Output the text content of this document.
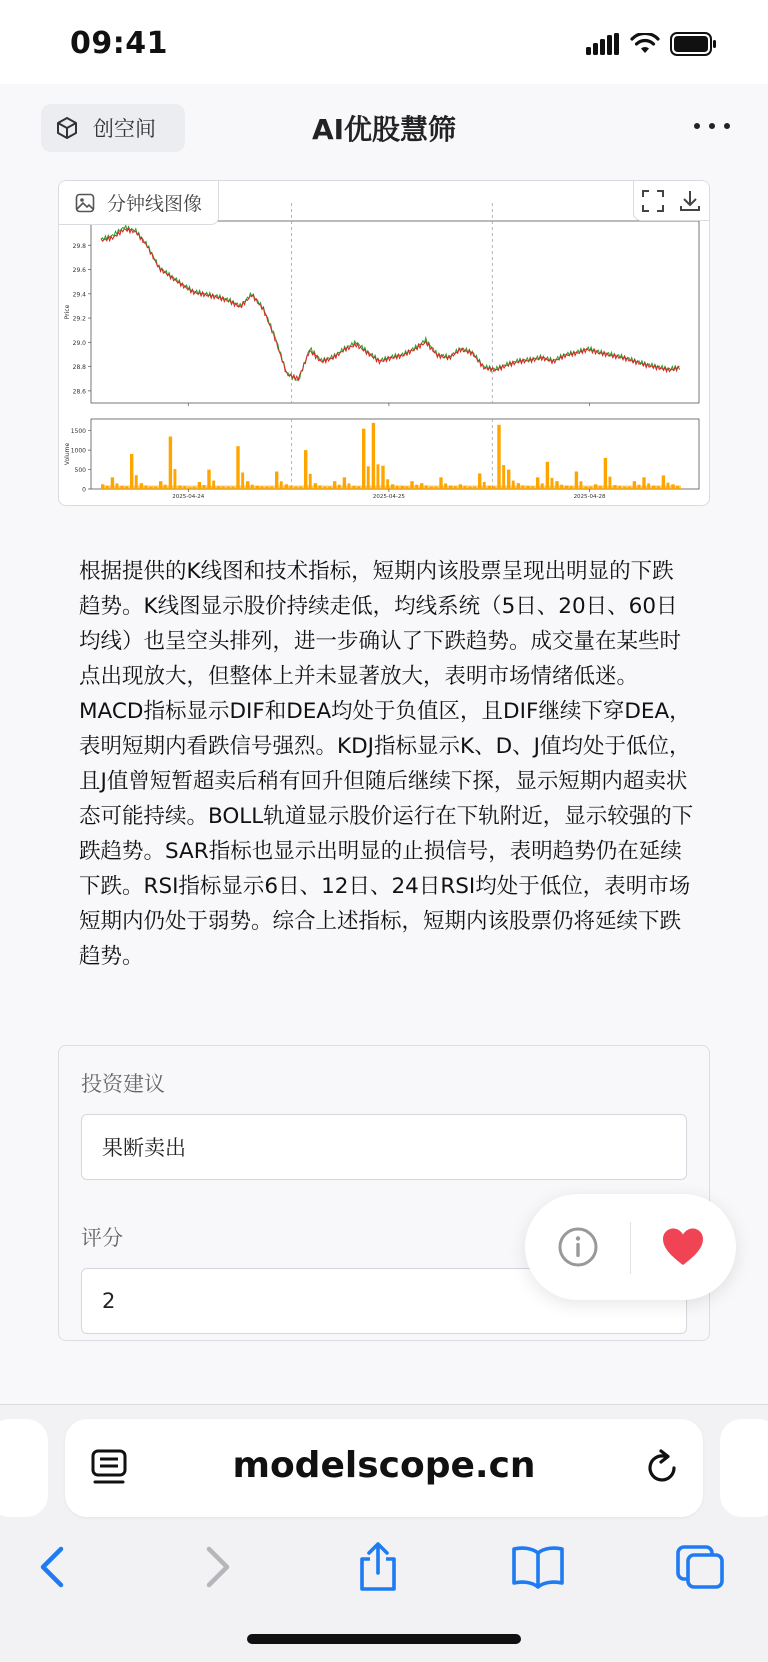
09:41
创空间	AI优股慧筛
分钟线图像
29.8
29.6
29.4
29.2
29.0
28.8
28.6
Price
1500
1000
500
0
Volume
2025-04-24	2025-04-25	2025-04-28
根据提供的K线图和技术指标，短期内该股票呈现出明显的下跌趋势。K线图显示股价持续走低，均线系统（5日、20日、60日均线）也呈空头排列，进一步确认了下跌趋势。成交量在某些时点出现放大，但整体上并未显著放大，表明市场情绪低迷。MACD指标显示DIF和DEA均处于负值区，且DIF继续下穿DEA，表明短期内看跌信号强烈。KDJ指标显示K、D、J值均处于低位，且J值曾短暂超卖后稍有回升但随后继续下探，显示短期内超卖状态可能持续。BOLL轨道显示股价运行在下轨附近，显示较强的下跌趋势。SAR指标也显示出明显的止损信号，表明趋势仍在延续下跌。RSI指标显示6日、12日、24日RSI均处于低位，表明市场短期内仍处于弱势。综合上述指标，短期内该股票仍将延续下跌趋势。
投资建议
果断卖出
评分
2
modelscope.cn
